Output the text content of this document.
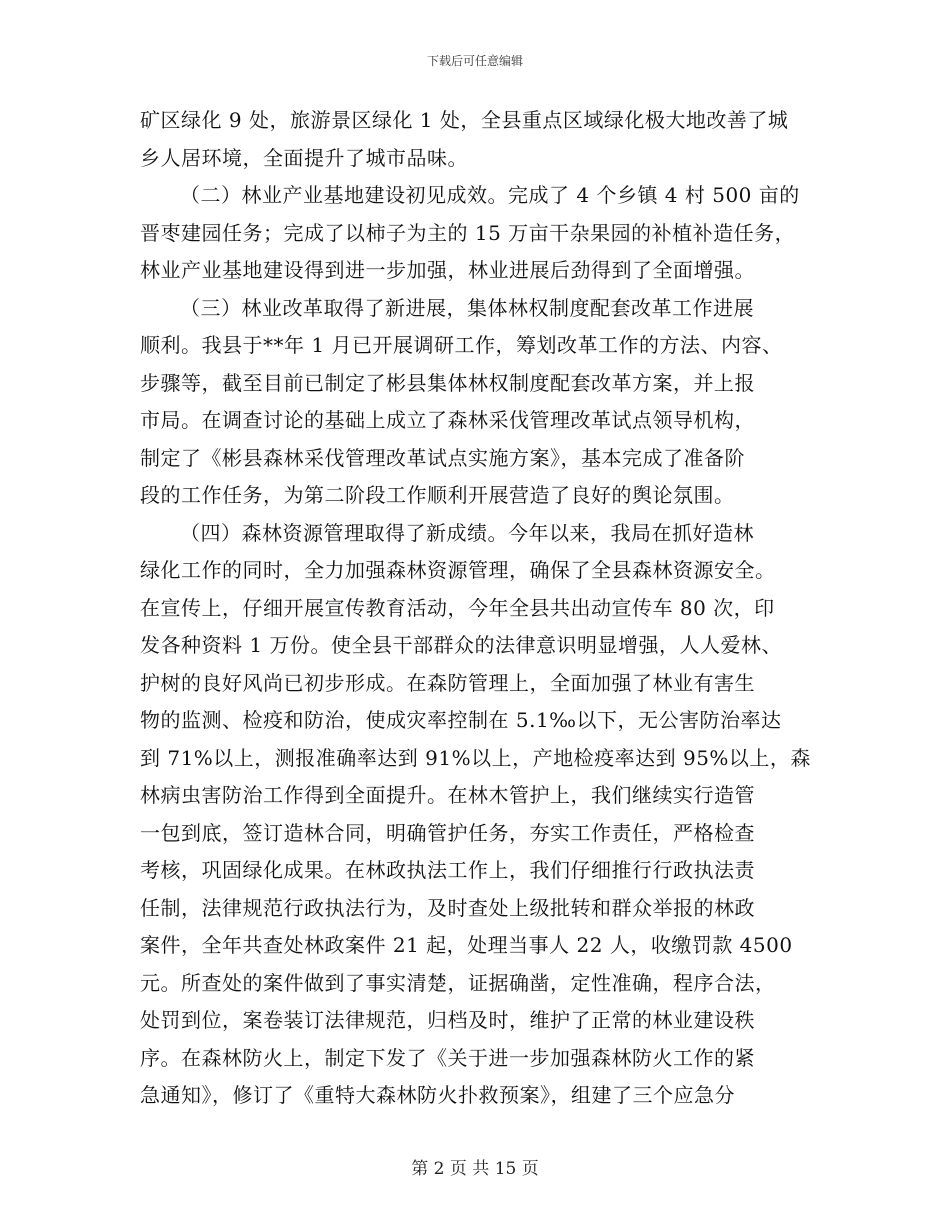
下载后可任意编辑
矿区绿化 9 处，旅游景区绿化 1 处，全县重点区域绿化极大地改善了城
乡人居环境，全面提升了城市品味。
（二）林业产业基地建设初见成效。完成了 4 个乡镇 4 村 500 亩的
晋枣建园任务；完成了以柿子为主的 15 万亩干杂果园的补植补造任务，
林业产业基地建设得到进一步加强，林业进展后劲得到了全面增强。
（三）林业改革取得了新进展，集体林权制度配套改革工作进展
顺利。我县于**年 1 月已开展调研工作，筹划改革工作的方法、内容、
步骤等，截至目前已制定了彬县集体林权制度配套改革方案，并上报
市局。在调查讨论的基础上成立了森林采伐管理改革试点领导机构，
制定了《彬县森林采伐管理改革试点实施方案》，基本完成了准备阶
段的工作任务，为第二阶段工作顺利开展营造了良好的舆论氛围。
（四）森林资源管理取得了新成绩。今年以来，我局在抓好造林
绿化工作的同时，全力加强森林资源管理，确保了全县森林资源安全。
在宣传上，仔细开展宣传教育活动，今年全县共出动宣传车 80 次，印
发各种资料 1 万份。使全县干部群众的法律意识明显增强，人人爱林、
护树的良好风尚已初步形成。在森防管理上，全面加强了林业有害生
物的监测、检疫和防治，使成灾率控制在 5.1‰以下，无公害防治率达
到 71%以上，测报准确率达到 91%以上，产地检疫率达到 95%以上，森
林病虫害防治工作得到全面提升。在林木管护上，我们继续实行造管
一包到底，签订造林合同，明确管护任务，夯实工作责任，严格检查
考核，巩固绿化成果。在林政执法工作上，我们仔细推行行政执法责
任制，法律规范行政执法行为，及时查处上级批转和群众举报的林政
案件，全年共查处林政案件 21 起，处理当事人 22 人，收缴罚款 4500
元。所查处的案件做到了事实清楚，证据确凿，定性准确，程序合法，
处罚到位，案卷装订法律规范，归档及时，维护了正常的林业建设秩
序。在森林防火上，制定下发了《关于进一步加强森林防火工作的紧
急通知》，修订了《重特大森林防火扑救预案》，组建了三个应急分
第 2 页 共 15 页
